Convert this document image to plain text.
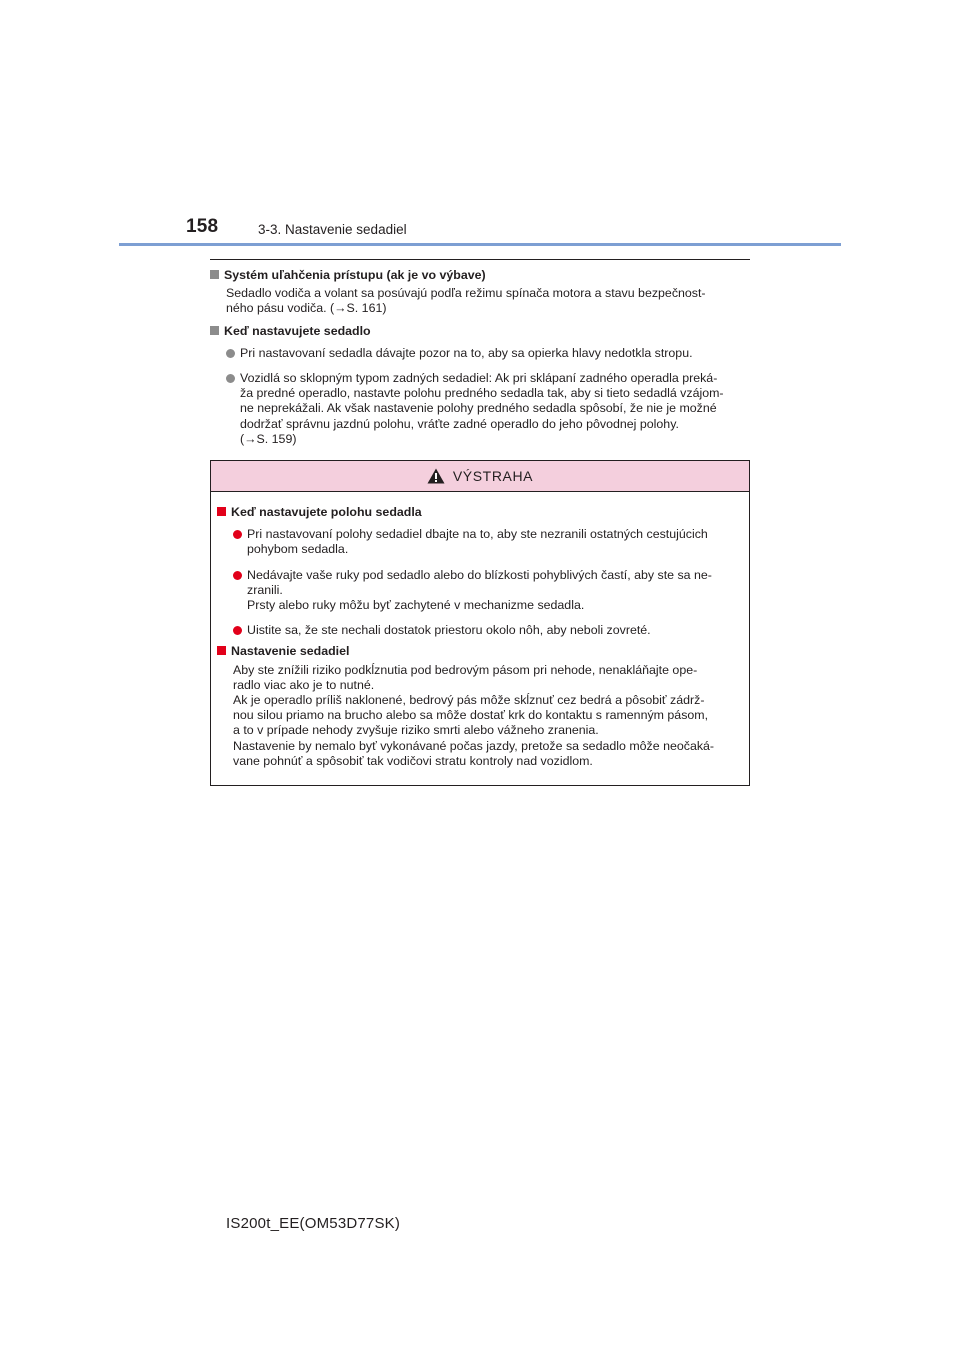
158	3-3. Nastavenie sedadiel
Systém uľahčenia prístupu (ak je vo výbave)
Sedadlo vodiča a volant sa posúvajú podľa režimu spínača motora a stavu bezpečnost-
ného pásu vodiča. (→S. 161)
Keď nastavujete sedadlo
Pri nastavovaní sedadla dávajte pozor na to, aby sa opierka hlavy nedotkla stropu.
Vozidlá so sklopným typom zadných sedadiel: Ak pri sklápaní zadného operadla preká-
ža predné operadlo, nastavte polohu predného sedadla tak, aby si tieto sedadlá vzájom-
ne neprekážali. Ak však nastavenie polohy predného sedadla spôsobí, že nie je možné
dodržať správnu jazdnú polohu, vráťte zadné operadlo do jeho pôvodnej polohy.
(→S. 159)
VÝSTRAHA
Keď nastavujete polohu sedadla
Pri nastavovaní polohy sedadiel dbajte na to, aby ste nezranili ostatných cestujúcich
pohybom sedadla.
Nedávajte vaše ruky pod sedadlo alebo do blízkosti pohyblivých častí, aby ste sa ne-
zranili.
Prsty alebo ruky môžu byť zachytené v mechanizme sedadla.
Uistite sa, že ste nechali dostatok priestoru okolo nôh, aby neboli zovreté.
Nastavenie sedadiel
Aby ste znížili riziko podkĺznutia pod bedrovým pásom pri nehode, nenakláňajte ope-
radlo viac ako je to nutné.
Ak je operadlo príliš naklonené, bedrový pás môže skĺznuť cez bedrá a pôsobiť zádrž-
nou silou priamo na brucho alebo sa môže dostať krk do kontaktu s ramenným pásom,
a to v prípade nehody zvyšuje riziko smrti alebo vážneho zranenia.
Nastavenie by nemalo byť vykonávané počas jazdy, pretože sa sedadlo môže neočaká-
vane pohnúť a spôsobiť tak vodičovi stratu kontroly nad vozidlom.
IS200t_EE(OM53D77SK)
